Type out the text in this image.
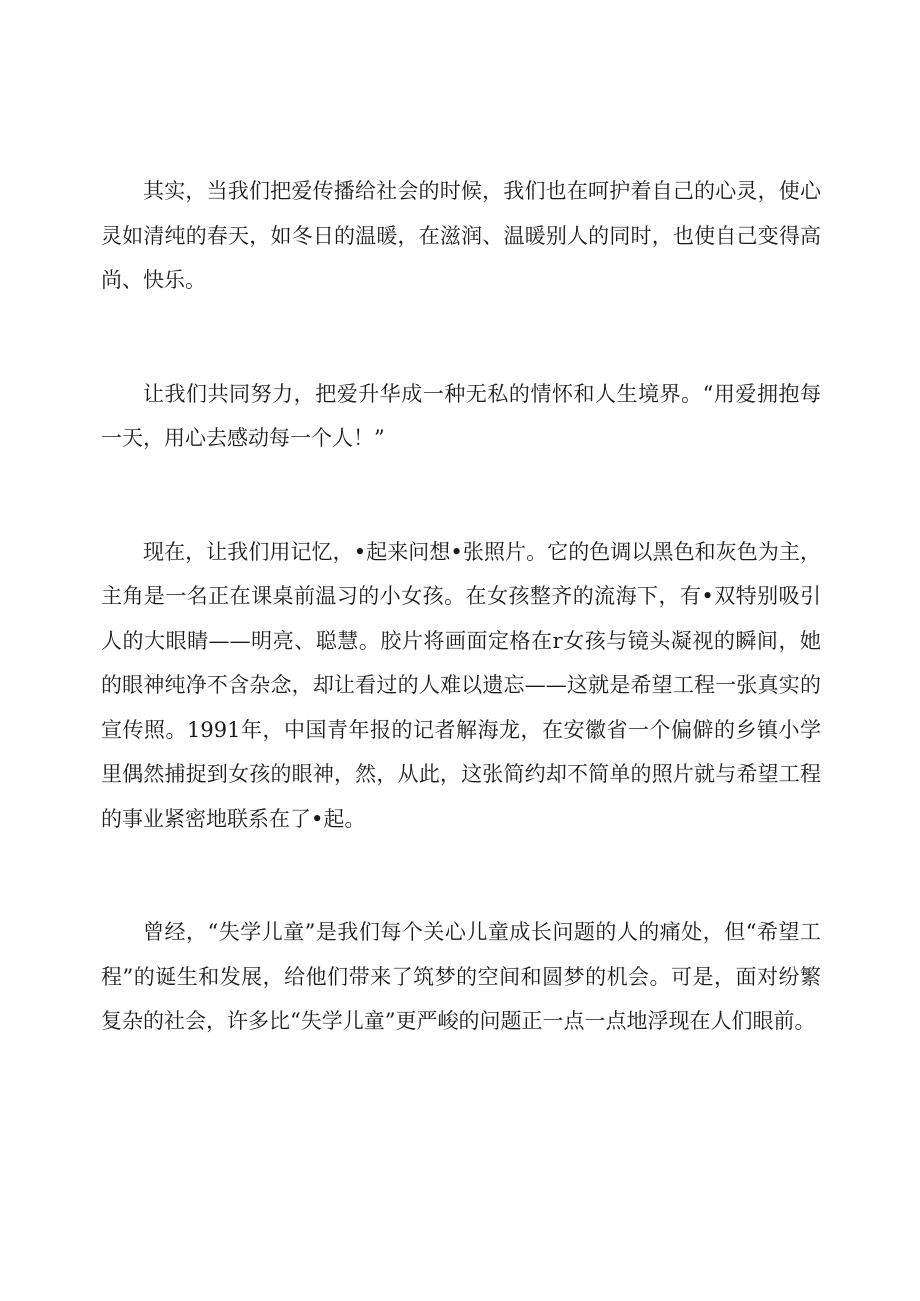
其实，当我们把爱传播给社会的时候，我们也在呵护着自己的心灵，使心灵如清纯的春天，如冬日的温暖，在滋润、温暖别人的同时，也使自己变得高尚、快乐。

让我们共同努力，把爱升华成一种无私的情怀和人生境界。“用爱拥抱每一天，用心去感动每一个人！”

现在，让我们用记忆，•起来问想•张照片。它的色调以黑色和灰色为主，主角是一名正在课桌前温习的小女孩。在女孩整齐的流海下，有•双特别吸引人的大眼睛——明亮、聪慧。胶片将画面定格在r女孩与镜头凝视的瞬间，她的眼神纯净不含杂念，却让看过的人难以遗忘——这就是希望工程一张真实的宣传照。1991年，中国青年报的记者解海龙，在安徽省一个偏僻的乡镇小学里偶然捕捉到女孩的眼神，然，从此，这张简约却不简单的照片就与希望工程的事业紧密地联系在了•起。

曾经，“失学儿童”是我们每个关心儿童成长问题的人的痛处，但“希望工程”的诞生和发展，给他们带来了筑梦的空间和圆梦的机会。可是，面对纷繁复杂的社会，许多比“失学儿童”更严峻的问题正一点一点地浮现在人们眼前。
